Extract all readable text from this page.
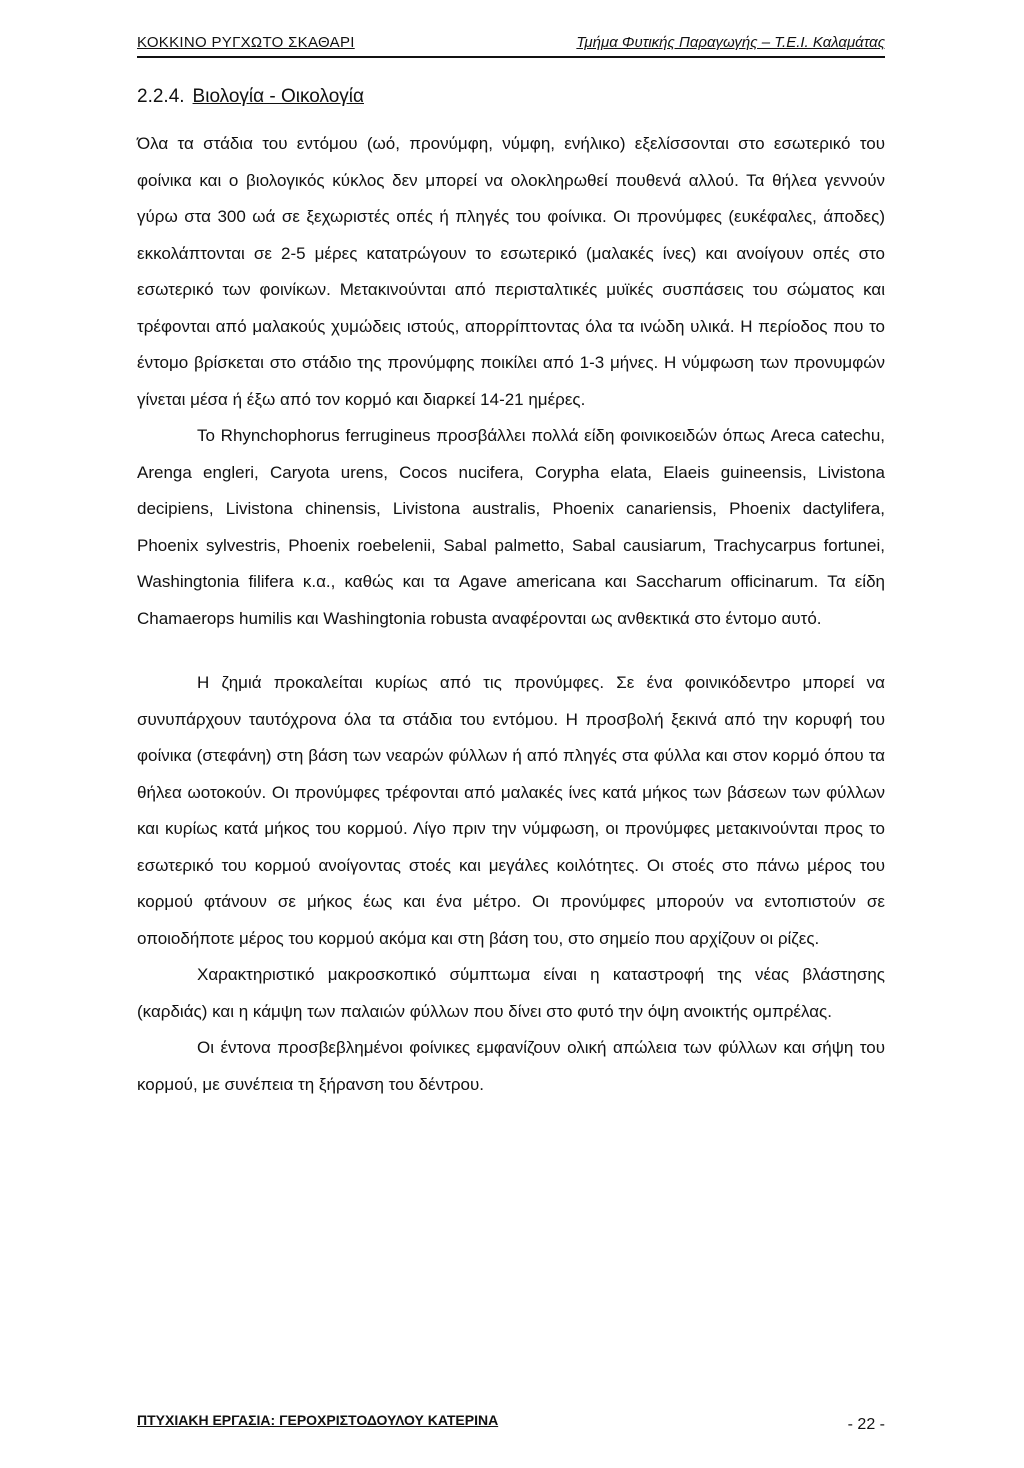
ΚΟΚΚΙΝΟ ΡΥΓΧΩΤΟ ΣΚΑΘΑΡΙ	Τμήμα Φυτικής Παραγωγής – Τ.Ε.Ι. Καλαμάτας
2.2.4. Βιολογία - Οικολογία

Όλα τα στάδια του εντόμου (ωό, προνύμφη, νύμφη, ενήλικο) εξελίσσονται στο εσωτερικό του φοίνικα και ο βιολογικός κύκλος δεν μπορεί να ολοκληρωθεί πουθενά αλλού. Τα θήλεα γεννούν γύρω στα 300 ωά σε ξεχωριστές οπές ή πληγές του φοίνικα. Οι προνύμφες (ευκέφαλες, άποδες) εκκολάπτονται σε 2-5 μέρες κατατρώγουν το εσωτερικό (μαλακές ίνες) και ανοίγουν οπές στο εσωτερικό των φοινίκων. Μετακινούνται από περισταλτικές μυϊκές συσπάσεις του σώματος και τρέφονται από μαλακούς χυμώδεις ιστούς, απορρίπτοντας όλα τα ινώδη υλικά. Η περίοδος που το έντομο βρίσκεται στο στάδιο της προνύμφης ποικίλει από 1-3 μήνες. Η νύμφωση των προνυμφών γίνεται μέσα ή έξω από τον κορμό και διαρκεί 14-21 ημέρες.

Το Rhynchophorus ferrugineus προσβάλλει πολλά είδη φοινικοειδών όπως Areca catechu, Arenga engleri, Caryota urens, Cocos nucifera, Corypha elata, Elaeis guineensis, Livistona decipiens, Livistona chinensis, Livistona australis, Phoenix canariensis, Phoenix dactylifera, Phoenix sylvestris, Phoenix roebelenii, Sabal palmetto, Sabal causiarum, Trachycarpus fortunei, Washingtonia filifera κ.α., καθώς και τα Agave americana και Saccharum officinarum. Τα είδη Chamaerops humilis και Washingtonia robusta αναφέρονται ως ανθεκτικά στο έντομο αυτό.

Η ζημιά προκαλείται κυρίως από τις προνύμφες. Σε ένα φοινικόδεντρο μπορεί να συνυπάρχουν ταυτόχρονα όλα τα στάδια του εντόμου. Η προσβολή ξεκινά από την κορυφή του φοίνικα (στεφάνη) στη βάση των νεαρών φύλλων ή από πληγές στα φύλλα και στον κορμό όπου τα θήλεα ωοτοκούν. Οι προνύμφες τρέφονται από μαλακές ίνες κατά μήκος των βάσεων των φύλλων και κυρίως κατά μήκος του κορμού. Λίγο πριν την νύμφωση, οι προνύμφες μετακινούνται προς το εσωτερικό του κορμού ανοίγοντας στοές και μεγάλες κοιλότητες. Οι στοές στο πάνω μέρος του κορμού φτάνουν σε μήκος έως και ένα μέτρο. Οι προνύμφες μπορούν να εντοπιστούν σε οποιοδήποτε μέρος του κορμού ακόμα και στη βάση του, στο σημείο που αρχίζουν οι ρίζες.

Χαρακτηριστικό μακροσκοπικό σύμπτωμα είναι η καταστροφή της νέας βλάστησης (καρδιάς) και η κάμψη των παλαιών φύλλων που δίνει στο φυτό την όψη ανοικτής ομπρέλας.

Οι έντονα προσβεβλημένοι φοίνικες εμφανίζουν ολική απώλεια των φύλλων και σήψη του κορμού, με συνέπεια τη ξήρανση του δέντρου.

ΠΤΥΧΙΑΚΗ ΕΡΓΑΣΙΑ: ΓΕΡΟΧΡΙΣΤΟΔΟΥΛΟΥ ΚΑΤΕΡΙΝΑ	- 22 -
